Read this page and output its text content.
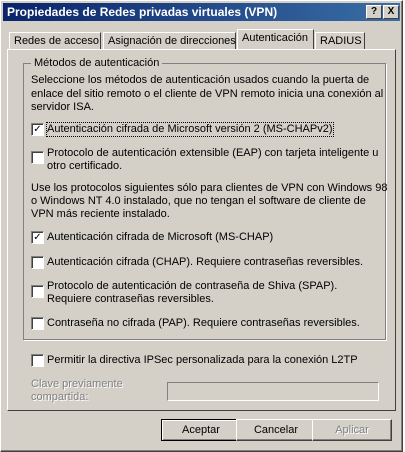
Propiedades de Redes privadas virtuales (VPN)	?	X
Redes de acceso Asignación de direcciones Autenticación	RADIUS
Métodos de autenticación
Seleccione los métodos de autenticación usados cuando la puerta de
enlace del sitio remoto o el cliente de VPN remoto inicia una conexión al
servidor ISA.
✓ Autenticación cifrada de Microsoft versión 2 (MS-CHAPv2)
Protocolo de autenticación extensible (EAP) con tarjeta inteligente u
otro certificado.
Use los protocolos siguientes sólo para clientes de VPN con Windows 98
o Windows NT 4.0 instalado, que no tengan el software de cliente de
VPN más reciente instalado.
✓ Autenticación cifrada de Microsoft (MS-CHAP)
Autenticación cifrada (CHAP). Requiere contraseñas reversibles.
Protocolo de autenticación de contraseña de Shiva (SPAP).
Requiere contraseñas reversibles.
Contraseña no cifrada (PAP). Requiere contraseñas reversibles.
Permitir la directiva IPSec personalizada para la conexión L2TP
Clave previamente
compartida:
Aceptar	Cancelar	Aplicar
